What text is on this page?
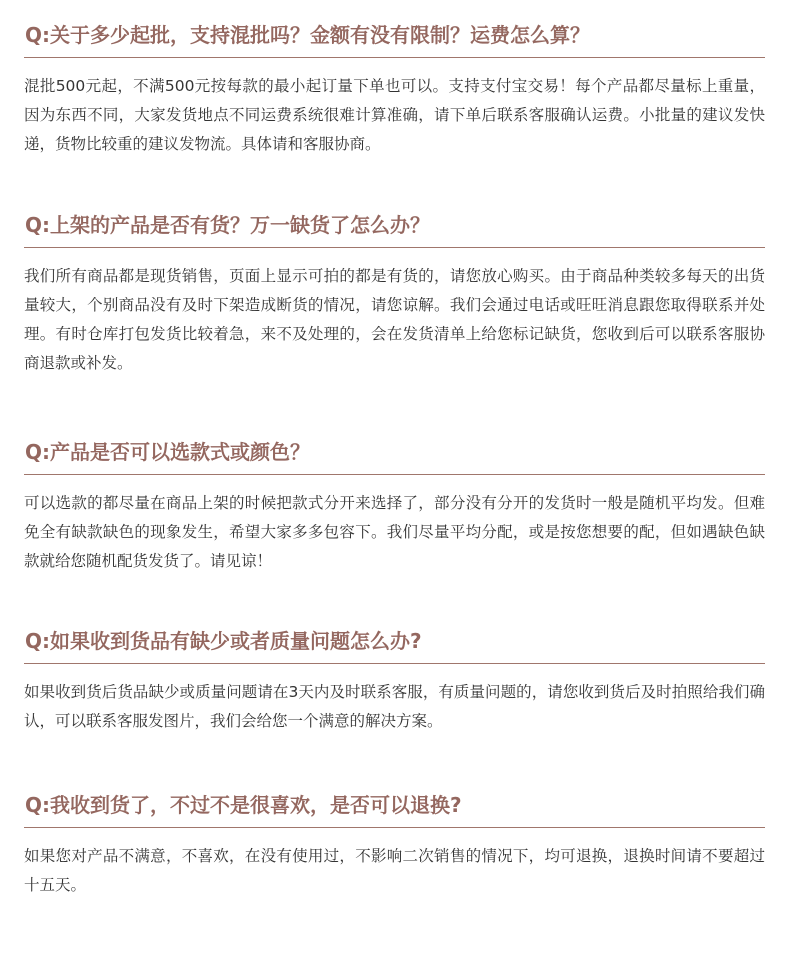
Q:关于多少起批，支持混批吗？金额有没有限制？运费怎么算？
混批500元起，不满500元按每款的最小起订量下单也可以。支持支付宝交易！每个产品都尽量标上重量，因为东西不同，大家发货地点不同运费系统很难计算准确，请下单后联系客服确认运费。小批量的建议发快递，货物比较重的建议发物流。具体请和客服协商。
Q:上架的产品是否有货？万一缺货了怎么办？
我们所有商品都是现货销售，页面上显示可拍的都是有货的，请您放心购买。由于商品种类较多每天的出货量较大，个别商品没有及时下架造成断货的情况，请您谅解。我们会通过电话或旺旺消息跟您取得联系并处理。有时仓库打包发货比较着急，来不及处理的，会在发货清单上给您标记缺货，您收到后可以联系客服协商退款或补发。
Q:产品是否可以选款式或颜色？
可以选款的都尽量在商品上架的时候把款式分开来选择了，部分没有分开的发货时一般是随机平均发。但难免全有缺款缺色的现象发生，希望大家多多包容下。我们尽量平均分配，或是按您想要的配，但如遇缺色缺款就给您随机配货发货了。请见谅！
Q:如果收到货品有缺少或者质量问题怎么办?
如果收到货后货品缺少或质量问题请在3天内及时联系客服，有质量问题的，请您收到货后及时拍照给我们确认，可以联系客服发图片，我们会给您一个满意的解决方案。
Q:我收到货了，不过不是很喜欢，是否可以退换?
如果您对产品不满意，不喜欢，在没有使用过，不影响二次销售的情况下，均可退换，退换时间请不要超过十五天。
